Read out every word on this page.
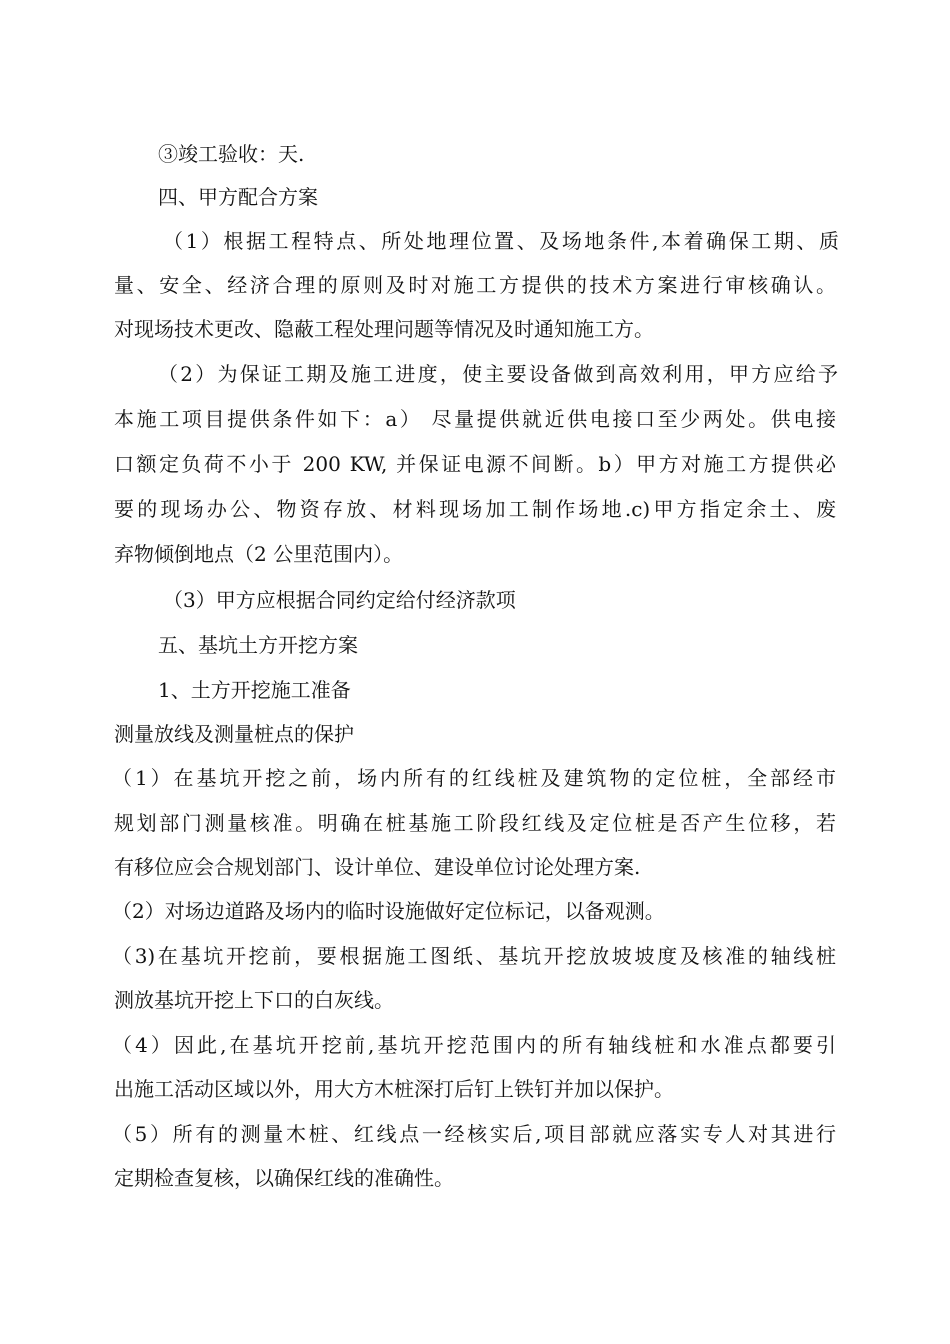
③竣工验收：天.
四、甲方配合方案
（1）根据工程特点、所处地理位置、及场地条件,本着确保工期、质
量、安全、经济合理的原则及时对施工方提供的技术方案进行审核确认。
对现场技术更改、隐蔽工程处理问题等情况及时通知施工方。
（2）为保证工期及施工进度，使主要设备做到高效利用，甲方应给予
本施工项目提供条件如下：a） 尽量提供就近供电接口至少两处。供电接
口额定负荷不小于 200 KW, 并保证电源不间断。b）甲方对施工方提供必
要的现场办公、物资存放、材料现场加工制作场地.c)甲方指定余土、废
弃物倾倒地点（2 公里范围内）。
（3）甲方应根据合同约定给付经济款项
五、基坑土方开挖方案
1、土方开挖施工准备
测量放线及测量桩点的保护
（1）在基坑开挖之前，场内所有的红线桩及建筑物的定位桩，全部经市
规划部门测量核准。明确在桩基施工阶段红线及定位桩是否产生位移，若
有移位应会合规划部门、设计单位、建设单位讨论处理方案.
（2）对场边道路及场内的临时设施做好定位标记，以备观测。
（3)在基坑开挖前，要根据施工图纸、基坑开挖放坡坡度及核准的轴线桩
测放基坑开挖上下口的白灰线。
（4）因此,在基坑开挖前,基坑开挖范围内的所有轴线桩和水准点都要引
出施工活动区域以外，用大方木桩深打后钉上铁钉并加以保护。
（5）所有的测量木桩、红线点一经核实后,项目部就应落实专人对其进行
定期检查复核，以确保红线的准确性。
